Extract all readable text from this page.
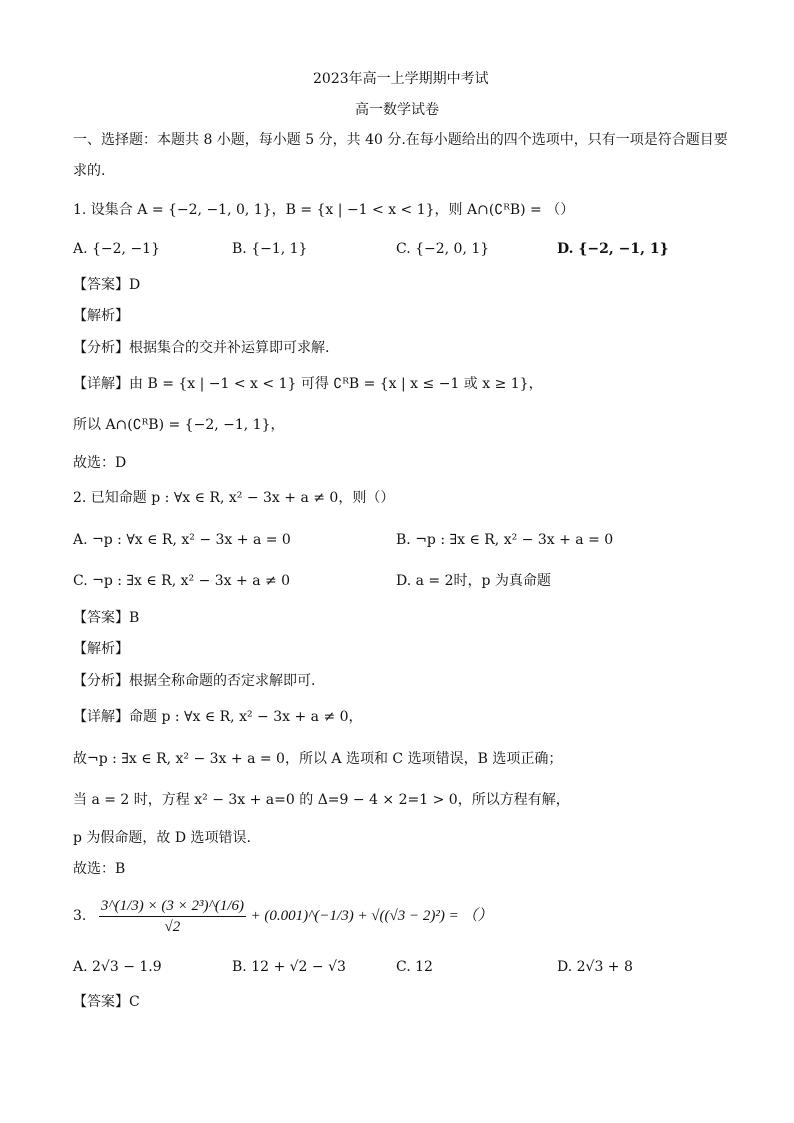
2023年高一上学期期中考试
高一数学试卷
一、选择题：本题共 8 小题，每小题 5 分，共 40 分.在每小题给出的四个选项中，只有一项是符合题目要
求的.
1. 设集合 A = {−2, −1, 0, 1}，B = {x | −1 < x < 1}，则 A∩(∁ᴿB) = （）
A. {−2, −1}	B. {−1, 1}	C. {−2, 0, 1}	D. {−2, −1, 1}
【答案】D
【解析】
【分析】根据集合的交并补运算即可求解.
【详解】由 B = {x | −1 < x < 1} 可得 ∁ᴿB = {x | x ≤ −1 或 x ≥ 1}，
所以 A∩(∁ᴿB) = {−2, −1, 1}，
故选：D
2. 已知命题 p : ∀x ∈ R, x² − 3x + a ≠ 0，则（）
A. ¬p : ∀x ∈ R, x² − 3x + a = 0	B. ¬p : ∃x ∈ R, x² − 3x + a = 0
C. ¬p : ∃x ∈ R, x² − 3x + a ≠ 0	D. a = 2时，p 为真命题
【答案】B
【解析】
【分析】根据全称命题的否定求解即可.
【详解】命题 p : ∀x ∈ R, x² − 3x + a ≠ 0，
故¬p : ∃x ∈ R, x² − 3x + a = 0，所以 A 选项和 C 选项错误，B 选项正确；
当 a = 2 时，方程 x² − 3x + a=0 的 Δ=9 − 4 × 2=1 > 0，所以方程有解，
p 为假命题，故 D 选项错误.
故选：B
3. $\frac{\text{3\textasciicircum{}(1/3) × (3 × 2³)\textasciicircum{}(1/6)}}{√2}$ + (0.001)^(−1/3) + √((√3 − 2)²) = （）
A. 2√3 − 1.9	B. 12 + √2 − √3	C. 12	D. 2√3 + 8
【答案】C
